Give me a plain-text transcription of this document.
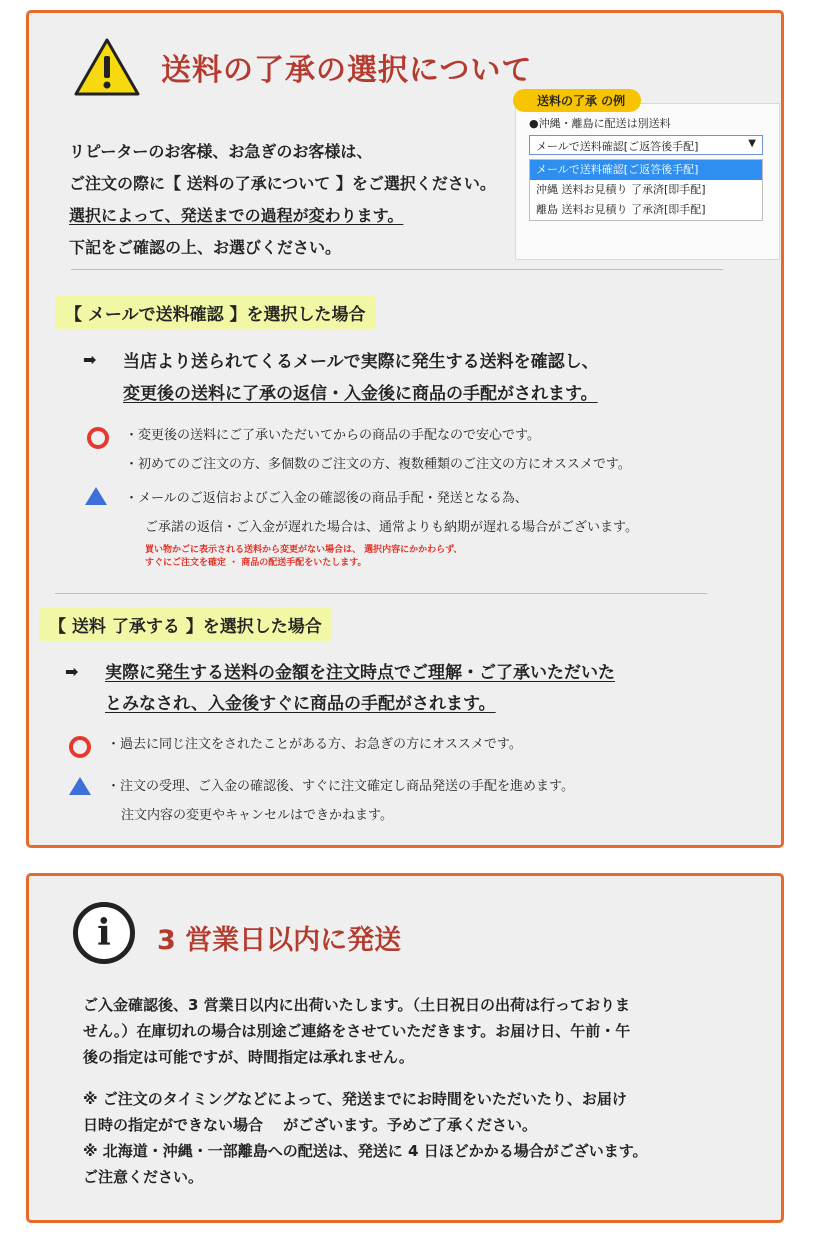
送料の了承の選択について
送料の了承 の例
●沖縄・離島に配送は別送料
メールで送料確認[ご返答後手配]	▼
メールで送料確認[ご返答後手配]
沖縄 送料お見積り 了承済[即手配]
離島 送料お見積り 了承済[即手配]
リピーターのお客様、お急ぎのお客様は、
ご注文の際に【 送料の了承について 】をご選択ください。
選択によって、発送までの過程が変わります。
下記をご確認の上、お選びください。
【 メールで送料確認 】を選択した場合
➡ 当店より送られてくるメールで実際に発生する送料を確認し、
変更後の送料に了承の返信・入金後に商品の手配がされます。
・変更後の送料にご了承いただいてからの商品の手配なので安心です。
・初めてのご注文の方、多個数のご注文の方、複数種類のご注文の方にオススメです。
・メールのご返信およびご入金の確認後の商品手配・発送となる為、
ご承諾の返信・ご入金が遅れた場合は、通常よりも納期が遅れる場合がございます。
買い物かごに表示される送料から変更がない場合は、 選択内容にかかわらず、
すぐにご注文を確定 ・ 商品の配送手配をいたします。
【 送料 了承する 】を選択した場合
➡ 実際に発生する送料の金額を注文時点でご理解・ご了承いただいた
とみなされ、入金後すぐに商品の手配がされます。
・過去に同じ注文をされたことがある方、お急ぎの方にオススメです。
・注文の受理、ご入金の確認後、すぐに注文確定し商品発送の手配を進めます。
注文内容の変更やキャンセルはできかねます。
i	3 営業日以内に発送
ご入金確認後、3 営業日以内に出荷いたします。（土日祝日の出荷は行っておりま
せん。）在庫切れの場合は別途ご連絡をさせていただきます。お届け日、午前・午
後の指定は可能ですが、時間指定は承れません。
※ ご注文のタイミングなどによって、発送までにお時間をいただいたり、お届け
日時の指定ができない場合　 がございます。予めご了承ください。
※ 北海道・沖縄・一部離島への配送は、発送に 4 日ほどかかる場合がございます。
ご注意ください。
